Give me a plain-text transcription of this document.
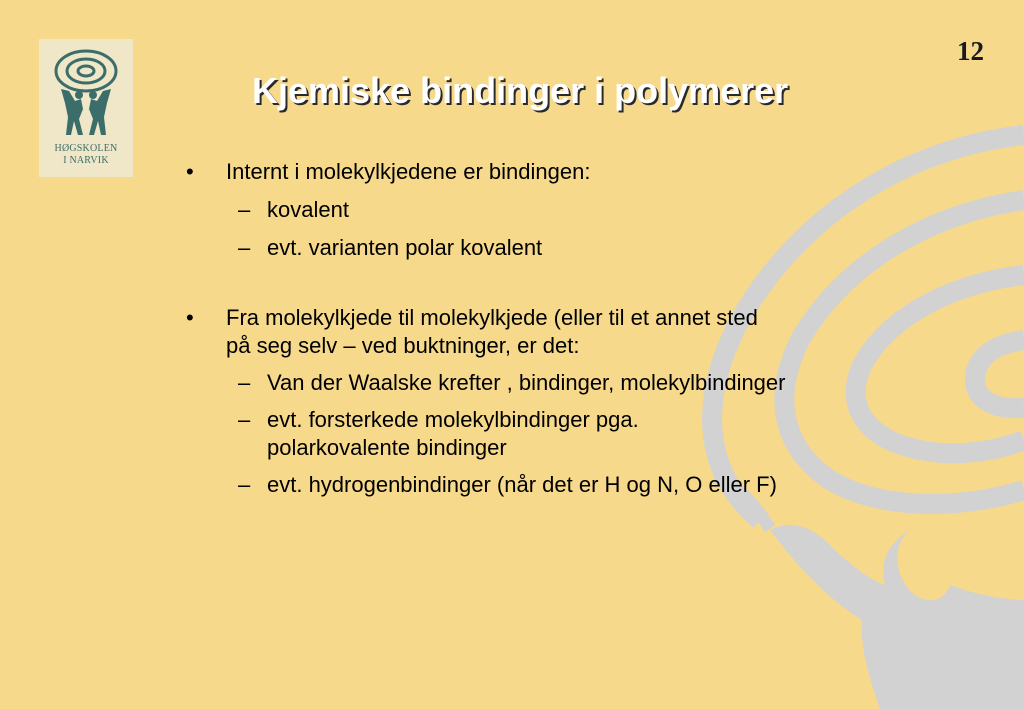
HØGSKOLEN
I NARVIK
12
Kjemiske bindinger i polymerer
• Internt i molekylkjedene er bindingen:
– kovalent
– evt. varianten polar kovalent
• Fra molekylkjede til molekylkjede (eller til et annet sted
på seg selv – ved buktninger, er det:
– Van der Waalske krefter , bindinger, molekylbindinger
– evt. forsterkede molekylbindinger pga.
polarkovalente bindinger
– evt. hydrogenbindinger (når det er H og N, O eller F)
